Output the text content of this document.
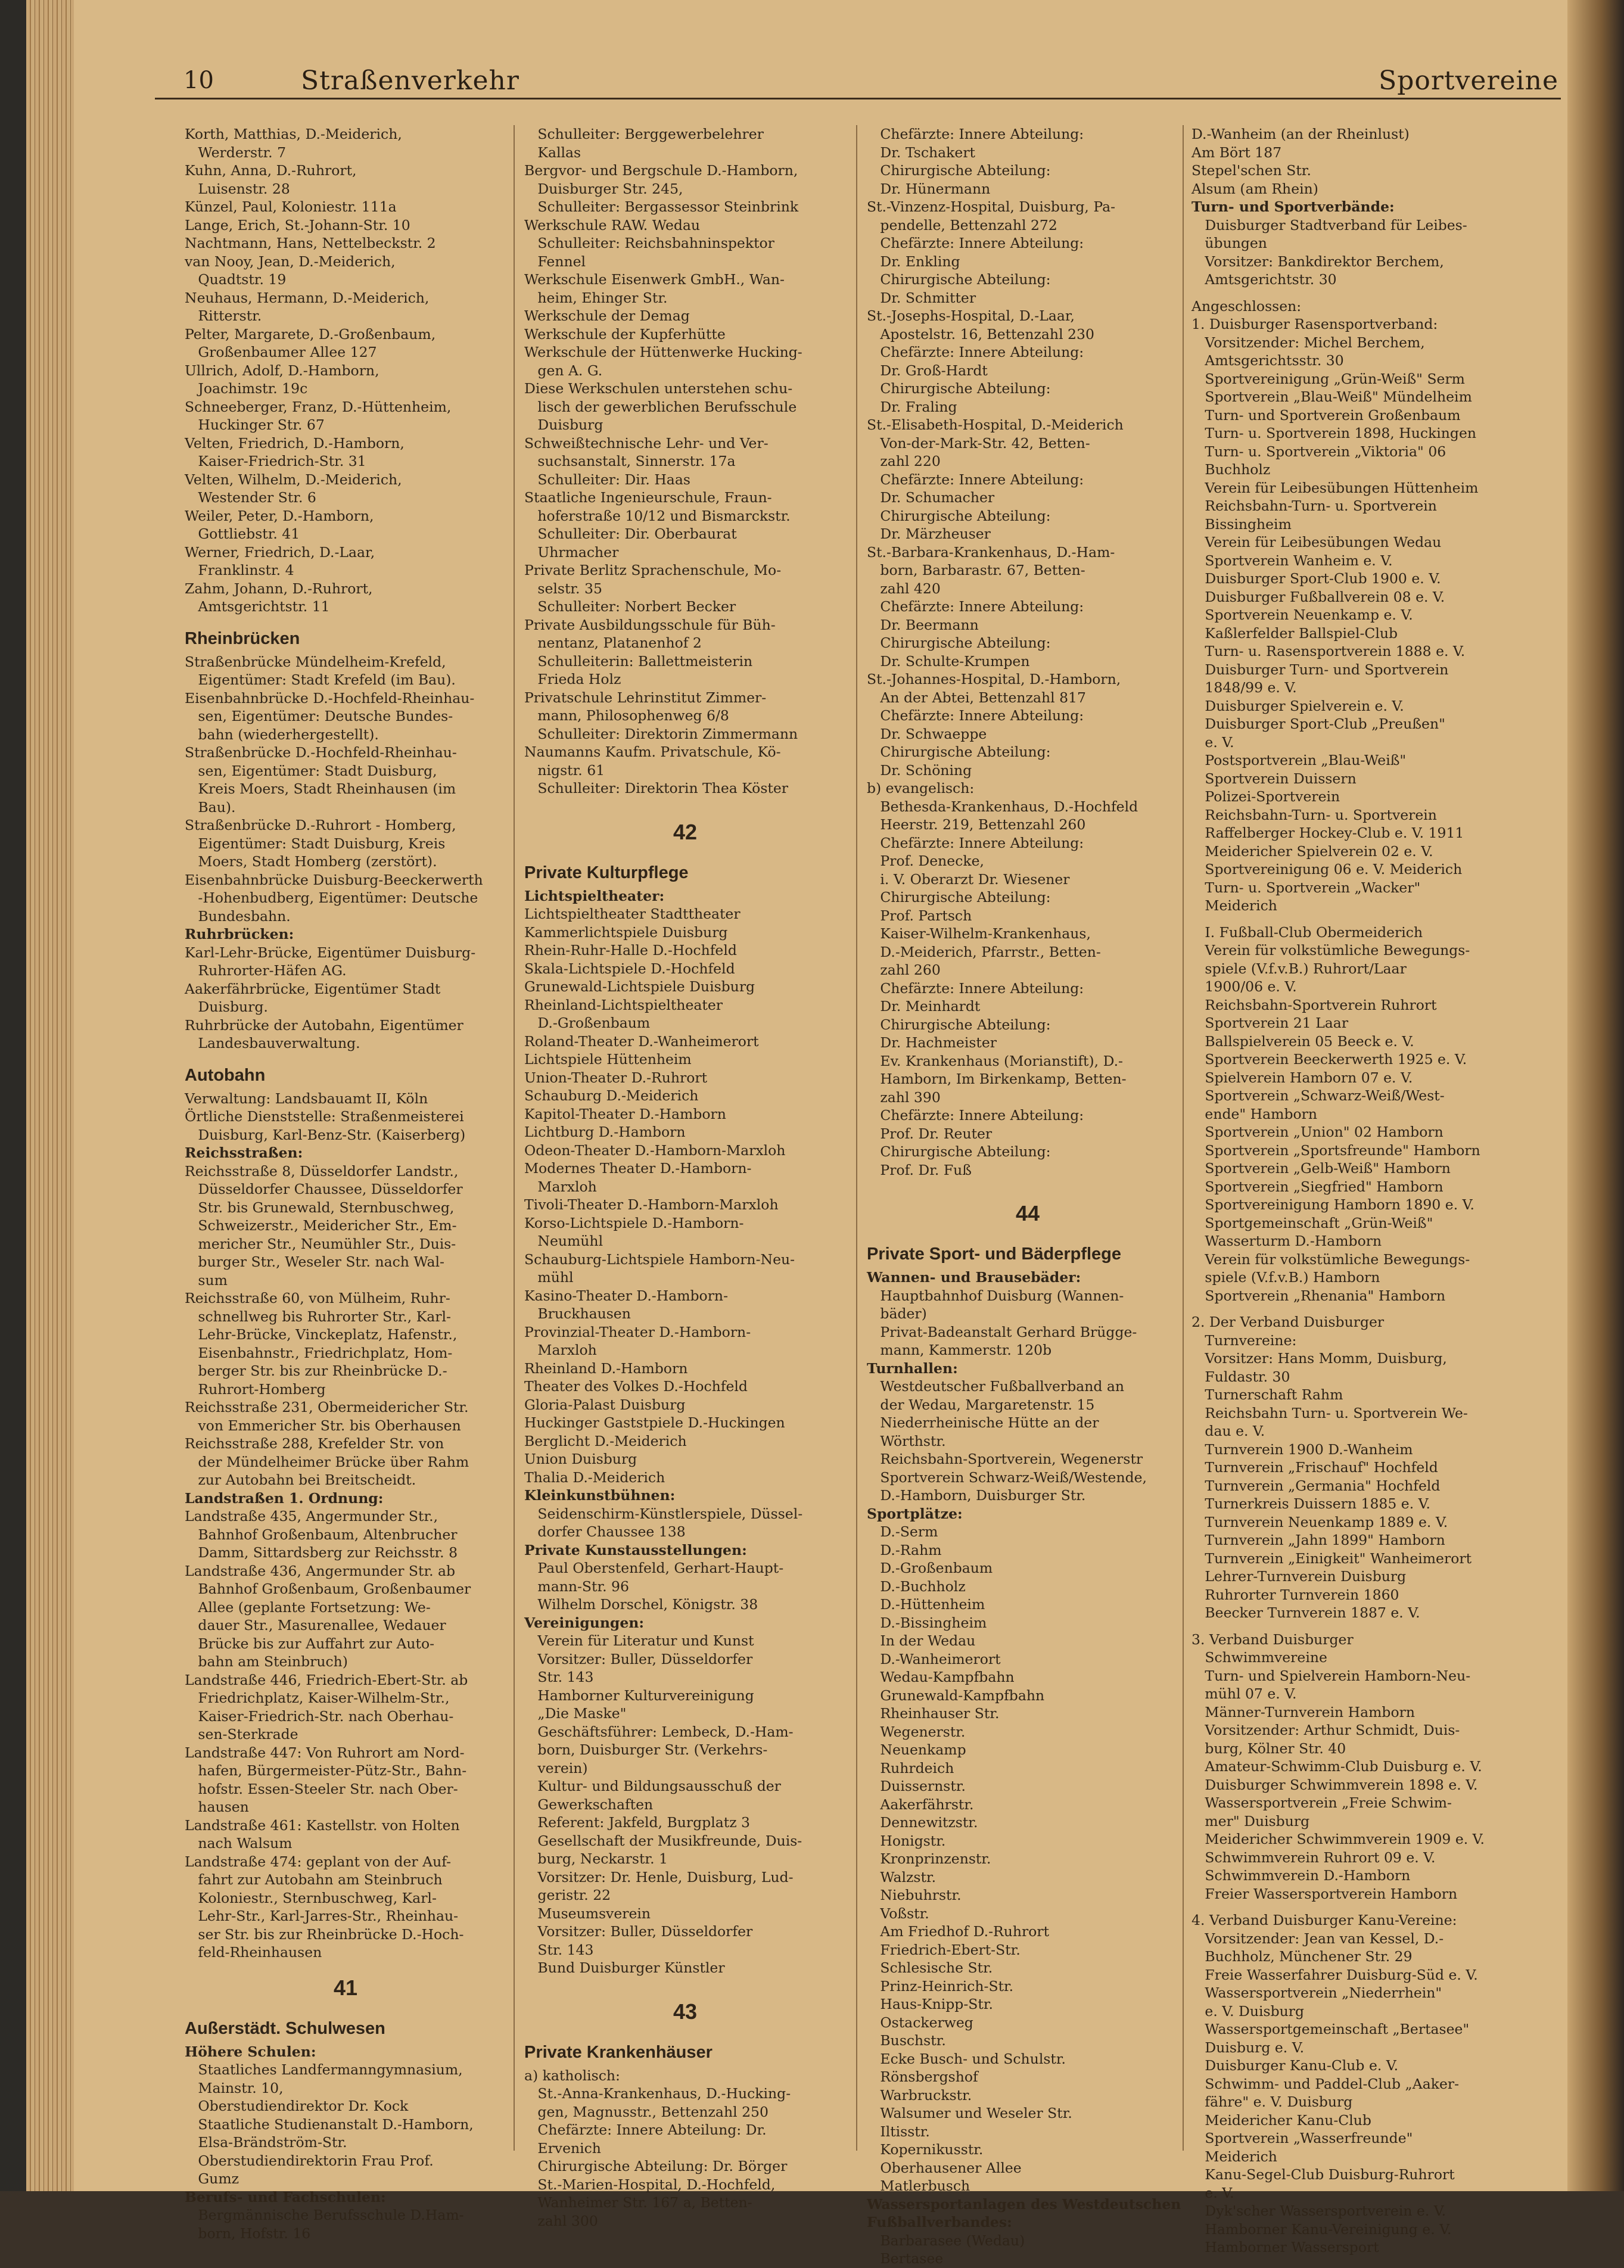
10	Straßenverkehr	Sportvereine
Korth, Matthias, D.-Meiderich,
Werderstr. 7
Kuhn, Anna, D.-Ruhrort,
Luisenstr. 28
Künzel, Paul, Koloniestr. 111a
Lange, Erich, St.-Johann-Str. 10
Nachtmann, Hans, Nettelbeckstr. 2
van Nooy, Jean, D.-Meiderich,
Quadtstr. 19
Neuhaus, Hermann, D.-Meiderich,
Ritterstr.
Pelter, Margarete, D.-Großenbaum,
Großenbaumer Allee 127
Ullrich, Adolf, D.-Hamborn,
Joachimstr. 19c
Schneeberger, Franz, D.-Hüttenheim,
Huckinger Str. 67
Velten, Friedrich, D.-Hamborn,
Kaiser-Friedrich-Str. 31
Velten, Wilhelm, D.-Meiderich,
Westender Str. 6
Weiler, Peter, D.-Hamborn,
Gottliebstr. 41
Werner, Friedrich, D.-Laar,
Franklinstr. 4
Zahm, Johann, D.-Ruhrort,
Amtsgerichtstr. 11
Rheinbrücken
Straßenbrücke Mündelheim-Krefeld,
Eigentümer: Stadt Krefeld (im Bau).
Eisenbahnbrücke D.-Hochfeld-Rheinhau-
sen, Eigentümer: Deutsche Bundes-
bahn (wiederhergestellt).
Straßenbrücke D.-Hochfeld-Rheinhau-
sen, Eigentümer: Stadt Duisburg,
Kreis Moers, Stadt Rheinhausen (im
Bau).
Straßenbrücke D.-Ruhrort - Homberg,
Eigentümer: Stadt Duisburg, Kreis
Moers, Stadt Homberg (zerstört).
Eisenbahnbrücke Duisburg-Beeckerwerth
-Hohenbudberg, Eigentümer: Deutsche
Bundesbahn.
Ruhrbrücken:
Karl-Lehr-Brücke, Eigentümer Duisburg-
Ruhrorter-Häfen AG.
Aakerfährbrücke, Eigentümer Stadt
Duisburg.
Ruhrbrücke der Autobahn, Eigentümer
Landesbauverwaltung.
Autobahn
Verwaltung: Landsbauamt II, Köln
Örtliche Dienststelle: Straßenmeisterei
Duisburg, Karl-Benz-Str. (Kaiserberg)
Reichsstraßen:
Reichsstraße 8, Düsseldorfer Landstr.,
Düsseldorfer Chaussee, Düsseldorfer
Str. bis Grunewald, Sternbuschweg,
Schweizerstr., Meidericher Str., Em-
mericher Str., Neumühler Str., Duis-
burger Str., Weseler Str. nach Wal-
sum
Reichsstraße 60, von Mülheim, Ruhr-
schnellweg bis Ruhrorter Str., Karl-
Lehr-Brücke, Vinckeplatz, Hafenstr.,
Eisenbahnstr., Friedrichplatz, Hom-
berger Str. bis zur Rheinbrücke D.-
Ruhrort-Homberg
Reichsstraße 231, Obermeidericher Str.
von Emmericher Str. bis Oberhausen
Reichsstraße 288, Krefelder Str. von
der Mündelheimer Brücke über Rahm
zur Autobahn bei Breitscheidt.
Landstraßen 1. Ordnung:
Landstraße 435, Angermunder Str.,
Bahnhof Großenbaum, Altenbrucher
Damm, Sittardsberg zur Reichsstr. 8
Landstraße 436, Angermunder Str. ab
Bahnhof Großenbaum, Großenbaumer
Allee (geplante Fortsetzung: We-
dauer Str., Masurenallee, Wedauer
Brücke bis zur Auffahrt zur Auto-
bahn am Steinbruch)
Landstraße 446, Friedrich-Ebert-Str. ab
Friedrichplatz, Kaiser-Wilhelm-Str.,
Kaiser-Friedrich-Str. nach Oberhau-
sen-Sterkrade
Landstraße 447: Von Ruhrort am Nord-
hafen, Bürgermeister-Pütz-Str., Bahn-
hofstr. Essen-Steeler Str. nach Ober-
hausen
Landstraße 461: Kastellstr. von Holten
nach Walsum
Landstraße 474: geplant von der Auf-
fahrt zur Autobahn am Steinbruch
Koloniestr., Sternbuschweg, Karl-
Lehr-Str., Karl-Jarres-Str., Rheinhau-
ser Str. bis zur Rheinbrücke D.-Hoch-
feld-Rheinhausen
41
Außerstädt. Schulwesen
Höhere Schulen:
Staatliches Landfermanngymnasium,
Mainstr. 10,
Oberstudiendirektor Dr. Kock
Staatliche Studienanstalt D.-Hamborn,
Elsa-Brändström-Str.
Oberstudiendirektorin Frau Prof.
Gumz
Berufs- und Fachschulen:
Bergmännische Berufsschule D.Ham-
born, Hofstr. 16
Schulleiter: Berggewerbelehrer
Kallas
Bergvor- und Bergschule D.-Hamborn,
Duisburger Str. 245,
Schulleiter: Bergassessor Steinbrink
Werkschule RAW. Wedau
Schulleiter: Reichsbahninspektor
Fennel
Werkschule Eisenwerk GmbH., Wan-
heim, Ehinger Str.
Werkschule der Demag
Werkschule der Kupferhütte
Werkschule der Hüttenwerke Hucking-
gen A. G.
Diese Werkschulen unterstehen schu-
lisch der gewerblichen Berufsschule
Duisburg
Schweißtechnische Lehr- und Ver-
suchsanstalt, Sinnerstr. 17a
Schulleiter: Dir. Haas
Staatliche Ingenieurschule, Fraun-
hoferstraße 10/12 und Bismarckstr.
Schulleiter: Dir. Oberbaurat
Uhrmacher
Private Berlitz Sprachenschule, Mo-
selstr. 35
Schulleiter: Norbert Becker
Private Ausbildungsschule für Büh-
nentanz, Platanenhof 2
Schulleiterin: Ballettmeisterin
Frieda Holz
Privatschule Lehrinstitut Zimmer-
mann, Philosophenweg 6/8
Schulleiter: Direktorin Zimmermann
Naumanns Kaufm. Privatschule, Kö-
nigstr. 61
Schulleiter: Direktorin Thea Köster
42
Private Kulturpflege
Lichtspieltheater:
Lichtspieltheater Stadttheater
Kammerlichtspiele Duisburg
Rhein-Ruhr-Halle D.-Hochfeld
Skala-Lichtspiele D.-Hochfeld
Grunewald-Lichtspiele Duisburg
Rheinland-Lichtspieltheater
D.-Großenbaum
Roland-Theater D.-Wanheimerort
Lichtspiele Hüttenheim
Union-Theater D.-Ruhrort
Schauburg D.-Meiderich
Kapitol-Theater D.-Hamborn
Lichtburg D.-Hamborn
Odeon-Theater D.-Hamborn-Marxloh
Modernes Theater D.-Hamborn-
Marxloh
Tivoli-Theater D.-Hamborn-Marxloh
Korso-Lichtspiele D.-Hamborn-
Neumühl
Schauburg-Lichtspiele Hamborn-Neu-
mühl
Kasino-Theater D.-Hamborn-
Bruckhausen
Provinzial-Theater D.-Hamborn-
Marxloh
Rheinland D.-Hamborn
Theater des Volkes D.-Hochfeld
Gloria-Palast Duisburg
Huckinger Gaststpiele D.-Huckingen
Berglicht D.-Meiderich
Union Duisburg
Thalia D.-Meiderich
Kleinkunstbühnen:
Seidenschirm-Künstlerspiele, Düssel-
dorfer Chaussee 138
Private Kunstausstellungen:
Paul Oberstenfeld, Gerhart-Haupt-
mann-Str. 96
Wilhelm Dorschel, Königstr. 38
Vereinigungen:
Verein für Literatur und Kunst
Vorsitzer: Buller, Düsseldorfer
Str. 143
Hamborner Kulturvereinigung
„Die Maske"
Geschäftsführer: Lembeck, D.-Ham-
born, Duisburger Str. (Verkehrs-
verein)
Kultur- und Bildungsausschuß der
Gewerkschaften
Referent: Jakfeld, Burgplatz 3
Gesellschaft der Musikfreunde, Duis-
burg, Neckarstr. 1
Vorsitzer: Dr. Henle, Duisburg, Lud-
geristr. 22
Museumsverein
Vorsitzer: Buller, Düsseldorfer
Str. 143
Bund Duisburger Künstler
43
Private Krankenhäuser
a) katholisch:
St.-Anna-Krankenhaus, D.-Hucking-
gen, Magnusstr., Bettenzahl 250
Chefärzte: Innere Abteilung: Dr.
Ervenich
Chirurgische Abteilung: Dr. Börger
St.-Marien-Hospital, D.-Hochfeld,
Wanheimer Str. 167 a, Betten-
zahl 300
Chefärzte: Innere Abteilung:
Dr. Tschakert
Chirurgische Abteilung:
Dr. Hünermann
St.-Vinzenz-Hospital, Duisburg, Pa-
pendelle, Bettenzahl 272
Chefärzte: Innere Abteilung:
Dr. Enkling
Chirurgische Abteilung:
Dr. Schmitter
St.-Josephs-Hospital, D.-Laar,
Apostelstr. 16, Bettenzahl 230
Chefärzte: Innere Abteilung:
Dr. Groß-Hardt
Chirurgische Abteilung:
Dr. Fraling
St.-Elisabeth-Hospital, D.-Meiderich
Von-der-Mark-Str. 42, Betten-
zahl 220
Chefärzte: Innere Abteilung:
Dr. Schumacher
Chirurgische Abteilung:
Dr. Märzheuser
St.-Barbara-Krankenhaus, D.-Ham-
born, Barbarastr. 67, Betten-
zahl 420
Chefärzte: Innere Abteilung:
Dr. Beermann
Chirurgische Abteilung:
Dr. Schulte-Krumpen
St.-Johannes-Hospital, D.-Hamborn,
An der Abtei, Bettenzahl 817
Chefärzte: Innere Abteilung:
Dr. Schwaeppe
Chirurgische Abteilung:
Dr. Schöning
b) evangelisch:
Bethesda-Krankenhaus, D.-Hochfeld
Heerstr. 219, Bettenzahl 260
Chefärzte: Innere Abteilung:
Prof. Denecke,
i. V. Oberarzt Dr. Wiesener
Chirurgische Abteilung:
Prof. Partsch
Kaiser-Wilhelm-Krankenhaus,
D.-Meiderich, Pfarrstr., Betten-
zahl 260
Chefärzte: Innere Abteilung:
Dr. Meinhardt
Chirurgische Abteilung:
Dr. Hachmeister
Ev. Krankenhaus (Morianstift), D.-
Hamborn, Im Birkenkamp, Betten-
zahl 390
Chefärzte: Innere Abteilung:
Prof. Dr. Reuter
Chirurgische Abteilung:
Prof. Dr. Fuß
44
Private Sport- und Bäderpflege
Wannen- und Brausebäder:
Hauptbahnhof Duisburg (Wannen-
bäder)
Privat-Badeanstalt Gerhard Brügge-
mann, Kammerstr. 120b
Turnhallen:
Westdeutscher Fußballverband an
der Wedau, Margaretenstr. 15
Niederrheinische Hütte an der
Wörthstr.
Reichsbahn-Sportverein, Wegenerstr
Sportverein Schwarz-Weiß/Westende,
D.-Hamborn, Duisburger Str.
Sportplätze:
D.-Serm
D.-Rahm
D.-Großenbaum
D.-Buchholz
D.-Hüttenheim
D.-Bissingheim
In der Wedau
D.-Wanheimerort
Wedau-Kampfbahn
Grunewald-Kampfbahn
Rheinhauser Str.
Wegenerstr.
Neuenkamp
Ruhrdeich
Duissernstr.
Aakerfährstr.
Dennewitzstr.
Honigstr.
Kronprinzenstr.
Walzstr.
Niebuhrstr.
Voßstr.
Am Friedhof D.-Ruhrort
Friedrich-Ebert-Str.
Schlesische Str.
Prinz-Heinrich-Str.
Haus-Knipp-Str.
Ostackerweg
Buschstr.
Ecke Busch- und Schulstr.
Rönsbergshof
Warbruckstr.
Walsumer und Weseler Str.
Iltisstr.
Kopernikusstr.
Oberhausener Allee
Matlerbusch
Wassersportanlagen des Westdeutschen
Fußballverbandes:
Barbarasee (Wedau)
Bertasee
D.-Wanheim (an der Rheinlust)
Am Bört 187
Stepel'schen Str.
Alsum (am Rhein)
Turn- und Sportverbände:
Duisburger Stadtverband für Leibes-
übungen
Vorsitzer: Bankdirektor Berchem,
Amtsgerichtstr. 30
Angeschlossen:
1. Duisburger Rasensportverband:
Vorsitzender: Michel Berchem,
Amtsgerichtsstr. 30
Sportvereinigung „Grün-Weiß" Serm
Sportverein „Blau-Weiß" Mündelheim
Turn- und Sportverein Großenbaum
Turn- u. Sportverein 1898, Huckingen
Turn- u. Sportverein „Viktoria" 06
Buchholz
Verein für Leibesübungen Hüttenheim
Reichsbahn-Turn- u. Sportverein
Bissingheim
Verein für Leibesübungen Wedau
Sportverein Wanheim e. V.
Duisburger Sport-Club 1900 e. V.
Duisburger Fußballverein 08 e. V.
Sportverein Neuenkamp e. V.
Kaßlerfelder Ballspiel-Club
Turn- u. Rasensportverein 1888 e. V.
Duisburger Turn- und Sportverein
1848/99 e. V.
Duisburger Spielverein e. V.
Duisburger Sport-Club „Preußen"
e. V.
Postsportverein „Blau-Weiß"
Sportverein Duissern
Polizei-Sportverein
Reichsbahn-Turn- u. Sportverein
Raffelberger Hockey-Club e. V. 1911
Meidericher Spielverein 02 e. V.
Sportvereinigung 06 e. V. Meiderich
Turn- u. Sportverein „Wacker"
Meiderich
I. Fußball-Club Obermeiderich
Verein für volkstümliche Bewegungs-
spiele (V.f.v.B.) Ruhrort/Laar
1900/06 e. V.
Reichsbahn-Sportverein Ruhrort
Sportverein 21 Laar
Ballspielverein 05 Beeck e. V.
Sportverein Beeckerwerth 1925 e. V.
Spielverein Hamborn 07 e. V.
Sportverein „Schwarz-Weiß/West-
ende" Hamborn
Sportverein „Union" 02 Hamborn
Sportverein „Sportsfreunde" Hamborn
Sportverein „Gelb-Weiß" Hamborn
Sportverein „Siegfried" Hamborn
Sportvereinigung Hamborn 1890 e. V.
Sportgemeinschaft „Grün-Weiß"
Wasserturm D.-Hamborn
Verein für volkstümliche Bewegungs-
spiele (V.f.v.B.) Hamborn
Sportverein „Rhenania" Hamborn
2. Der Verband Duisburger
Turnvereine:
Vorsitzer: Hans Momm, Duisburg,
Fuldastr. 30
Turnerschaft Rahm
Reichsbahn Turn- u. Sportverein We-
dau e. V.
Turnverein 1900 D.-Wanheim
Turnverein „Frischauf" Hochfeld
Turnverein „Germania" Hochfeld
Turnerkreis Duissern 1885 e. V.
Turnverein Neuenkamp 1889 e. V.
Turnverein „Jahn 1899" Hamborn
Turnverein „Einigkeit" Wanheimerort
Lehrer-Turnverein Duisburg
Ruhrorter Turnverein 1860
Beecker Turnverein 1887 e. V.
3. Verband Duisburger
Schwimmvereine
Turn- und Spielverein Hamborn-Neu-
mühl 07 e. V.
Männer-Turnverein Hamborn
Vorsitzender: Arthur Schmidt, Duis-
burg, Kölner Str. 40
Amateur-Schwimm-Club Duisburg e. V.
Duisburger Schwimmverein 1898 e. V.
Wassersportverein „Freie Schwim-
mer" Duisburg
Meidericher Schwimmverein 1909 e. V.
Schwimmverein Ruhrort 09 e. V.
Schwimmverein D.-Hamborn
Freier Wassersportverein Hamborn
4. Verband Duisburger Kanu-Vereine:
Vorsitzender: Jean van Kessel, D.-
Buchholz, Münchener Str. 29
Freie Wasserfahrer Duisburg-Süd e. V.
Wassersportverein „Niederrhein"
e. V. Duisburg
Wassersportgemeinschaft „Bertasee"
Duisburg e. V.
Duisburger Kanu-Club e. V.
Schwimm- und Paddel-Club „Aaker-
fähre" e. V. Duisburg
Meidericher Kanu-Club
Sportverein „Wasserfreunde"
Meiderich
Kanu-Segel-Club Duisburg-Ruhrort
e. V.
Dyk'scher Wassersportverein e. V.
Hamborner Kanu-Vereinigung e. V.
Hamborner Wassersport
